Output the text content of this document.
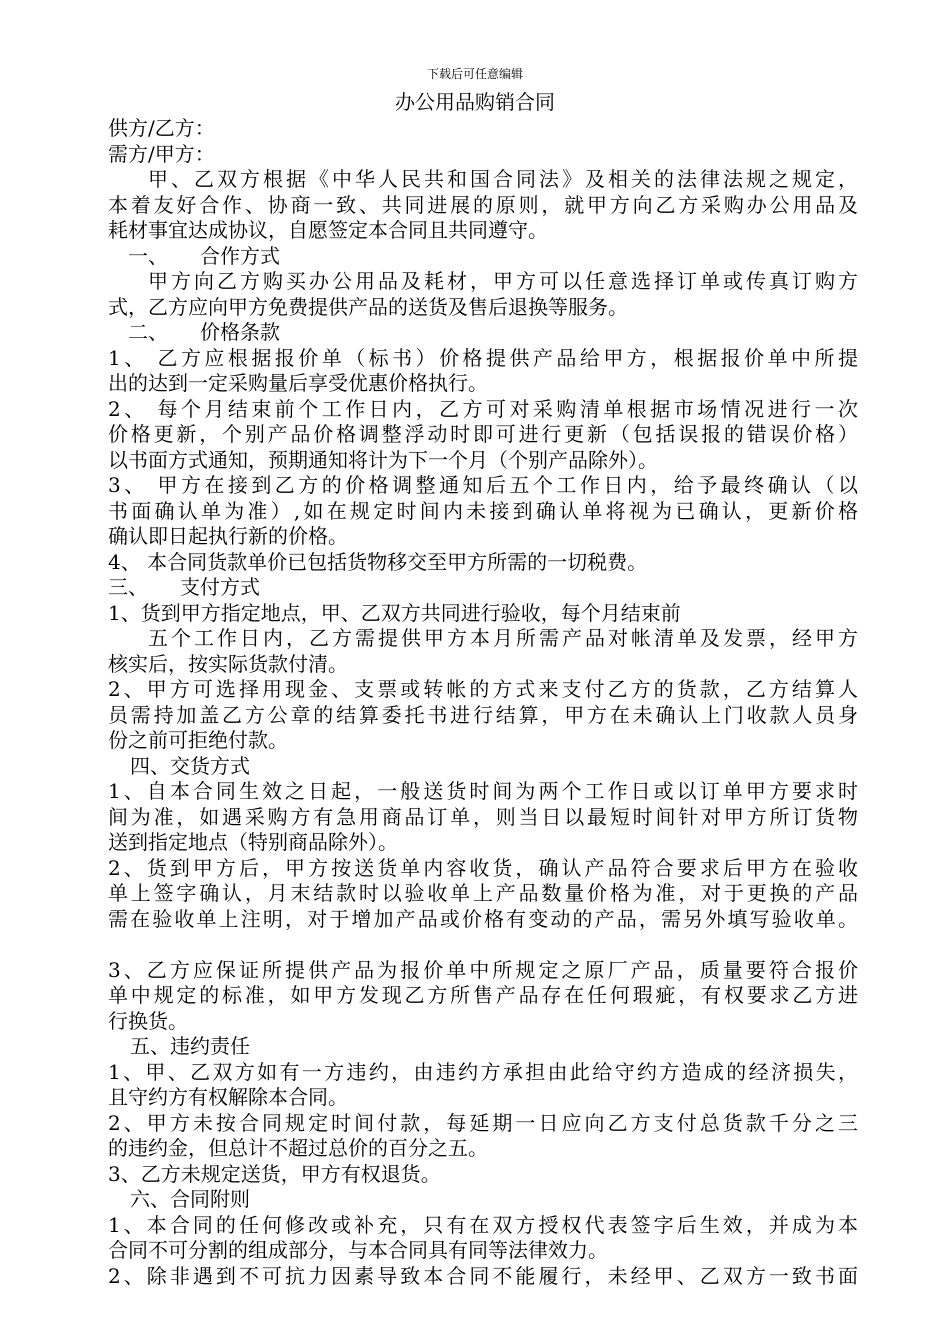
下载后可任意编辑
办公用品购销合同
供方/乙方：
需方/甲方：
甲、乙双方根据《中华人民共和国合同法》及相关的法律法规之规定，
本着友好合作、协商一致、共同进展的原则，就甲方向乙方采购办公用品及
耗材事宜达成协议，自愿签定本合同且共同遵守。
一、 合作方式
甲方向乙方购买办公用品及耗材，甲方可以任意选择订单或传真订购方
式，乙方应向甲方免费提供产品的送货及售后退换等服务。
二、 价格条款
1、 乙方应根据报价单（标书）价格提供产品给甲方，根据报价单中所提
出的达到一定采购量后享受优惠价格执行。
2、 每个月结束前个工作日内，乙方可对采购清单根据市场情况进行一次
价格更新，个别产品价格调整浮动时即可进行更新（包括误报的错误价格）
以书面方式通知，预期通知将计为下一个月（个别产品除外）。
3、 甲方在接到乙方的价格调整通知后五个工作日内，给予最终确认（以
书面确认单为准）,如在规定时间内未接到确认单将视为已确认，更新价格
确认即日起执行新的价格。
4、 本合同货款单价已包括货物移交至甲方所需的一切税费。
三、 支付方式
1、货到甲方指定地点，甲、乙双方共同进行验收，每个月结束前
五个工作日内，乙方需提供甲方本月所需产品对帐清单及发票，经甲方
核实后，按实际货款付清。
2、甲方可选择用现金、支票或转帐的方式来支付乙方的货款，乙方结算人
员需持加盖乙方公章的结算委托书进行结算，甲方在未确认上门收款人员身
份之前可拒绝付款。
四、交货方式
1、自本合同生效之日起，一般送货时间为两个工作日或以订单甲方要求时
间为准，如遇采购方有急用商品订单，则当日以最短时间针对甲方所订货物
送到指定地点（特别商品除外）。
2、货到甲方后，甲方按送货单内容收货，确认产品符合要求后甲方在验收
单上签字确认，月末结款时以验收单上产品数量价格为准，对于更换的产品
需在验收单上注明，对于增加产品或价格有变动的产品，需另外填写验收单。
3、乙方应保证所提供产品为报价单中所规定之原厂产品，质量要符合报价
单中规定的标准，如甲方发现乙方所售产品存在任何瑕疵，有权要求乙方进
行换货。
五、违约责任
1、甲、乙双方如有一方违约，由违约方承担由此给守约方造成的经济损失，
且守约方有权解除本合同。
2、甲方未按合同规定时间付款，每延期一日应向乙方支付总货款千分之三
的违约金，但总计不超过总价的百分之五。
3、乙方未规定送货，甲方有权退货。
六、合同附则
1、本合同的任何修改或补充，只有在双方授权代表签字后生效，并成为本
合同不可分割的组成部分，与本合同具有同等法律效力。
2、除非遇到不可抗力因素导致本合同不能履行，未经甲、乙双方一致书面
